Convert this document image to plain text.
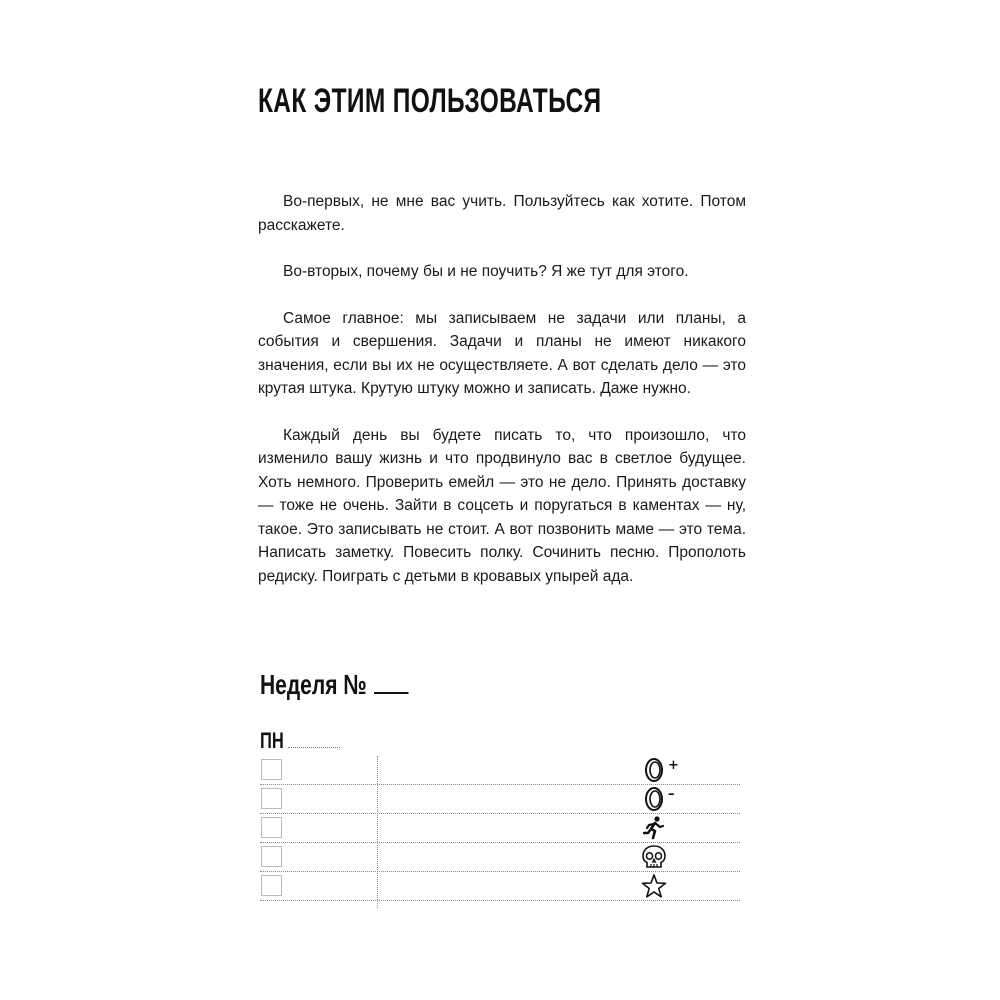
КАК ЭТИМ ПОЛЬЗОВАТЬСЯ

Во-первых, не мне вас учить. Пользуйтесь как хотите. Потом расскажете.

Во-вторых, почему бы и не поучить? Я же тут для этого.

Самое главное: мы записываем не задачи или планы, а события и свершения. Задачи и планы не имеют никакого значения, если вы их не осуществляете. А вот сделать дело — это крутая штука. Крутую штуку можно и записать. Даже нужно.

Каждый день вы будете писать то, что произошло, что изменило вашу жизнь и что продвинуло вас в светлое будущее. Хоть немного. Проверить емейл — это не дело. Принять доставку — тоже не очень. Зайти в соцсеть и поругаться в каментах — ну, такое. Это записывать не стоит. А вот позвонить маме — это тема. Написать заметку. Повесить полку. Сочинить песню. Прополоть редиску. Поиграть с детьми в кровавых упырей ада.

Неделя №
ПН
+
–
